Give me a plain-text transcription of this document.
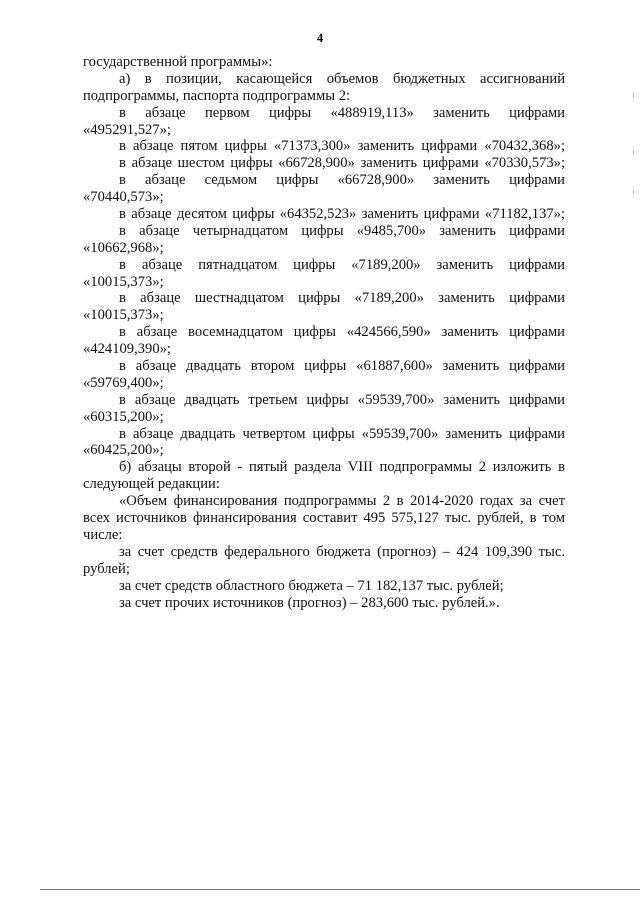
4
государственной программы»:
а) в позиции, касающейся объемов бюджетных ассигнований
подпрограммы, паспорта подпрограммы 2:
в абзаце первом цифры «488919,113» заменить цифрами
«495291,527»;
в абзаце пятом цифры «71373,300» заменить цифрами «70432,368»;
в абзаце шестом цифры «66728,900» заменить цифрами «70330,573»;
в абзаце седьмом цифры «66728,900» заменить цифрами
«70440,573»;
в абзаце десятом цифры «64352,523» заменить цифрами «71182,137»;
в абзаце четырнадцатом цифры «9485,700» заменить цифрами
«10662,968»;
в абзаце пятнадцатом цифры «7189,200» заменить цифрами
«10015,373»;
в абзаце шестнадцатом цифры «7189,200» заменить цифрами
«10015,373»;
в абзаце восемнадцатом цифры «424566,590» заменить цифрами
«424109,390»;
в абзаце двадцать втором цифры «61887,600» заменить цифрами
«59769,400»;
в абзаце двадцать третьем цифры «59539,700» заменить цифрами
«60315,200»;
в абзаце двадцать четвертом цифры «59539,700» заменить цифрами
«60425,200»;
б) абзацы второй - пятый раздела VIII подпрограммы 2 изложить в
следующей редакции:
«Объем финансирования подпрограммы 2 в 2014-2020 годах за счет
всех источников финансирования составит 495 575,127 тыс. рублей, в том
числе:
за счет средств федерального бюджета (прогноз) – 424 109,390 тыс.
рублей;
за счет средств областного бюджета – 71 182,137 тыс. рублей;
за счет прочих источников (прогноз) – 283,600 тыс. рублей.».
